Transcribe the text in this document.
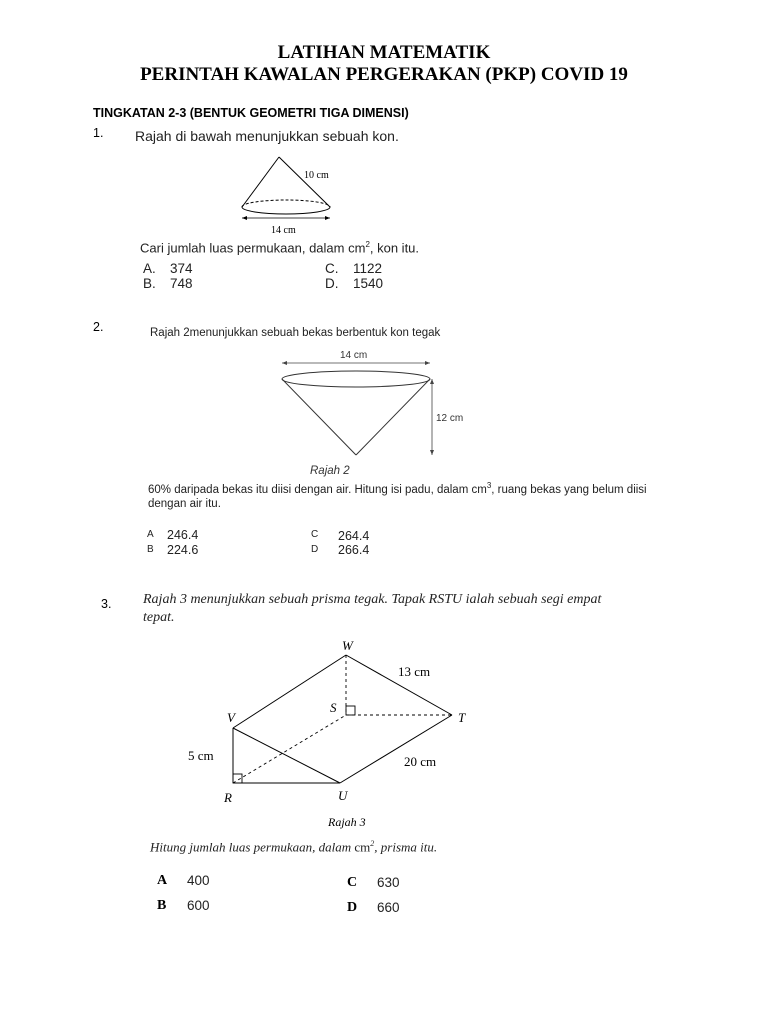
LATIHAN MATEMATIK
PERINTAH KAWALAN PERGERAKAN (PKP) COVID 19
TINGKATAN 2-3 (BENTUK GEOMETRI TIGA DIMENSI)
1. Rajah di bawah menunjukkan sebuah kon.
10 cm
14 cm
Cari jumlah luas permukaan, dalam $cm^2$, kon itu.
A. 374
B. 748
C. 1122
D. 1540
2.	Rajah 2menunjukkan sebuah bekas berbentuk kon tegak
14 cm
12 cm
Rajah 2
60% daripada bekas itu diisi dengan air. Hitung isi padu, dalam $cm^3$, ruang bekas yang belum diisi
dengan air itu.
A 246.4
B 224.6
C 264.4
D 266.4
3. Rajah 3 menunjukkan sebuah prisma tegak. Tapak RSTU ialah sebuah segi empat
tepat.
W
S
T
V
R	U
13 cm
5 cm	20 cm
Rajah 3
Hitung jumlah luas permukaan, dalam $cm^2$, prisma itu.
A 400
B 600
C 630
D 660
